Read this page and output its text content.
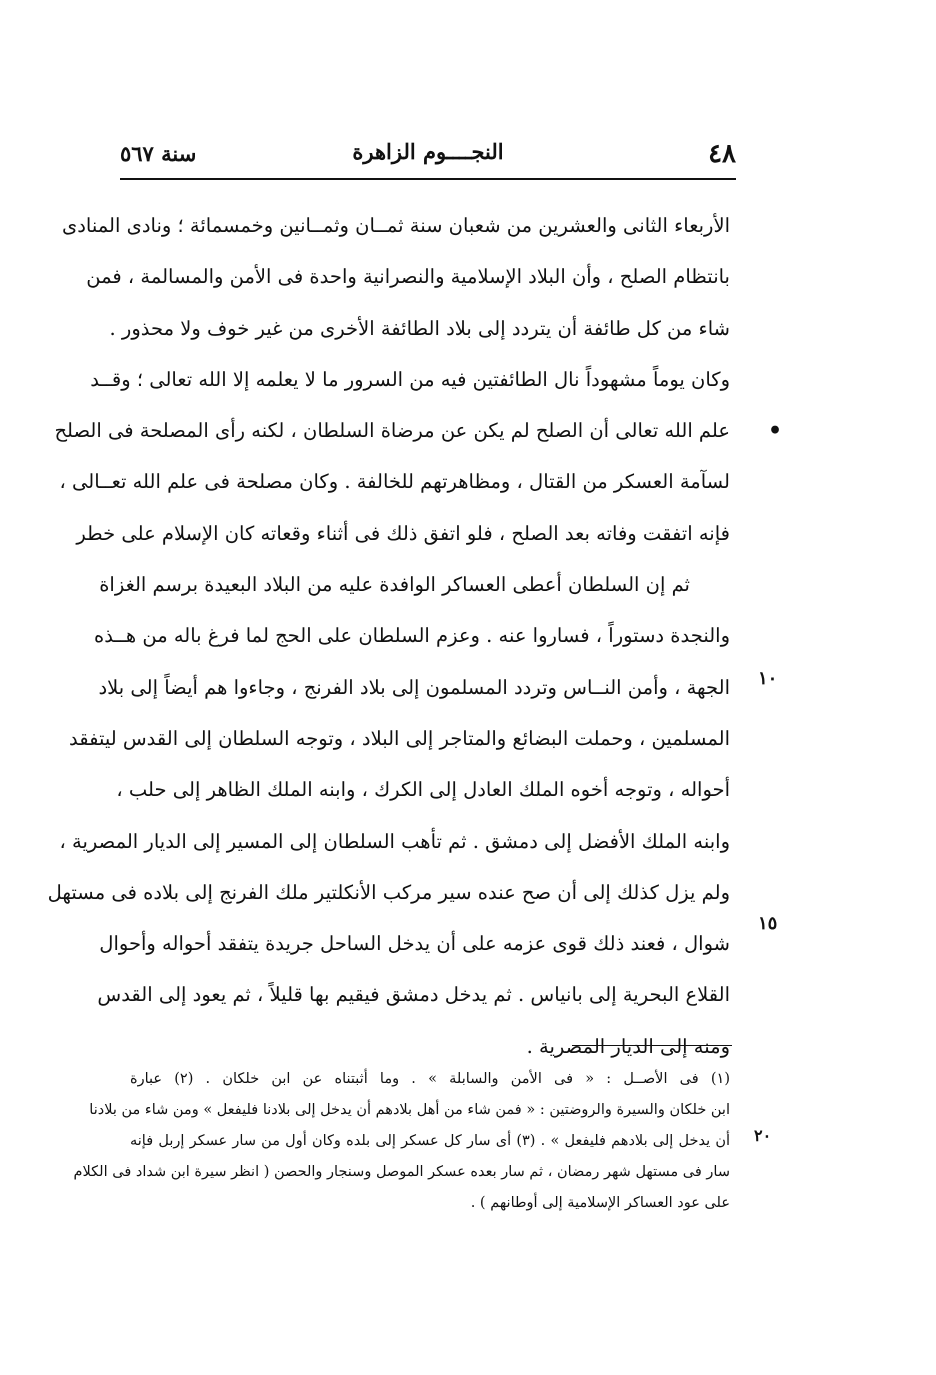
٤٨
النجــــوم الزاهرة
سنة ٥٦٧
الأربعاء الثانى والعشرين من شعبان سنة ثمــان وثمــانين وخمسمائة ؛ ونادى المنادى
بانتظام الصلح ، وأن البلاد الإسلامية والنصرانية واحدة فى الأمن والمسالمة ، فمن
شاء من كل طائفة أن يتردد إلى بلاد الطائفة الأخرى من غير خوف ولا محذور .
وكان يوماً مشهوداً نال الطائفتين فيه من السرور ما لا يعلمه إلا الله تعالى ؛ وقــد
علم الله تعالى أن الصلح لم يكن عن مرضاة السلطان ، لكنه رأى المصلحة فى الصلح
لسآمة العسكر من القتال ، ومظاهرتهم للخالفة . وكان مصلحة فى علم الله تعــالى ،
فإنه اتفقت وفاته بعد الصلح ، فلو اتفق ذلك فى أثناء وقعاته كان الإسلام على خطر
ثم إن السلطان أعطى العساكر الوافدة عليه من البلاد البعيدة برسم الغزاة
والنجدة دستوراً ، فساروا عنه . وعزم السلطان على الحج لما فرغ باله من هــذه
الجهة ، وأمن النــاس وتردد المسلمون إلى بلاد الفرنج ، وجاءوا هم أيضاً إلى بلاد
المسلمين ، وحملت البضائع والمتاجر إلى البلاد ، وتوجه السلطان إلى القدس ليتفقد
أحواله ، وتوجه أخوه الملك العادل إلى الكرك ، وابنه الملك الظاهر إلى حلب ،
وابنه الملك الأفضل إلى دمشق . ثم تأهب السلطان إلى المسير إلى الديار المصرية ،
ولم يزل كذلك إلى أن صح عنده سير مركب الأنكلتير ملك الفرنج إلى بلاده فى مستهل
شوال ، فعند ذلك قوى عزمه على أن يدخل الساحل جريدة يتفقد أحواله وأحوال
القلاع البحرية إلى بانياس . ثم يدخل دمشق فيقيم بها قليلاً ، ثم يعود إلى القدس
ومنه إلى الديار المصرية .
•
١٠
١٥
(١) فى الأصــل : « فى الأمن والسابلة » . وما أثبتناه عن ابن خلكان . (٢) عبارة
ابن خلكان والسيرة والروضتين : « فمن شاء من أهل بلادهم أن يدخل إلى بلادنا فليفعل » ومن شاء من بلادنا
أن يدخل إلى بلادهم فليفعل » . (٣) أى سار كل عسكر إلى بلده وكان أول من سار عسكر إربل فإنه
سار فى مستهل شهر رمضان ، ثم سار بعده عسكر الموصل وسنجار والحصن ( انظر سيرة ابن شداد فى الكلام
على عود العساكر الإسلامية إلى أوطانهم ) .
٢٠
